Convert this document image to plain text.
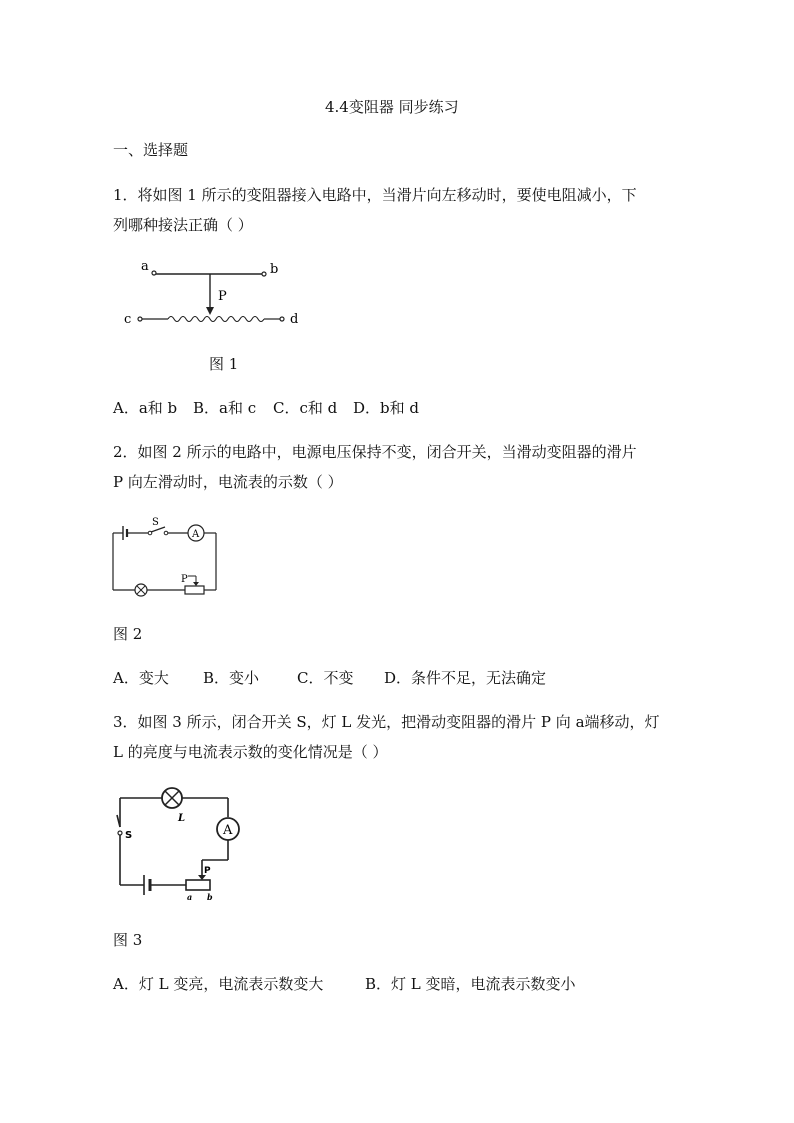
4.4变阻器 同步练习
一、选择题
1．将如图 1 所示的变阻器接入电路中，当滑片向左移动时，要使电阻减小，下
列哪种接法正确（ ）
a	b
P
c	d
图 1
A．a和 b B．a和 c C．c和 d D．b和 d
2．如图 2 所示的电路中，电源电压保持不变，闭合开关，当滑动变阻器的滑片
P 向左滑动时，电流表的示数（ ）
S
A
P
图 2
A．变大 B．变小	C．不变 D．条件不足，无法确定
3．如图 3 所示，闭合开关 S，灯 L 发光，把滑动变阻器的滑片 P 向 a端移动，灯
L 的亮度与电流表示数的变化情况是（ ）
L
A
P
S
a b
图 3
A．灯 L 变亮，电流表示数变大	B．灯 L 变暗，电流表示数变小
